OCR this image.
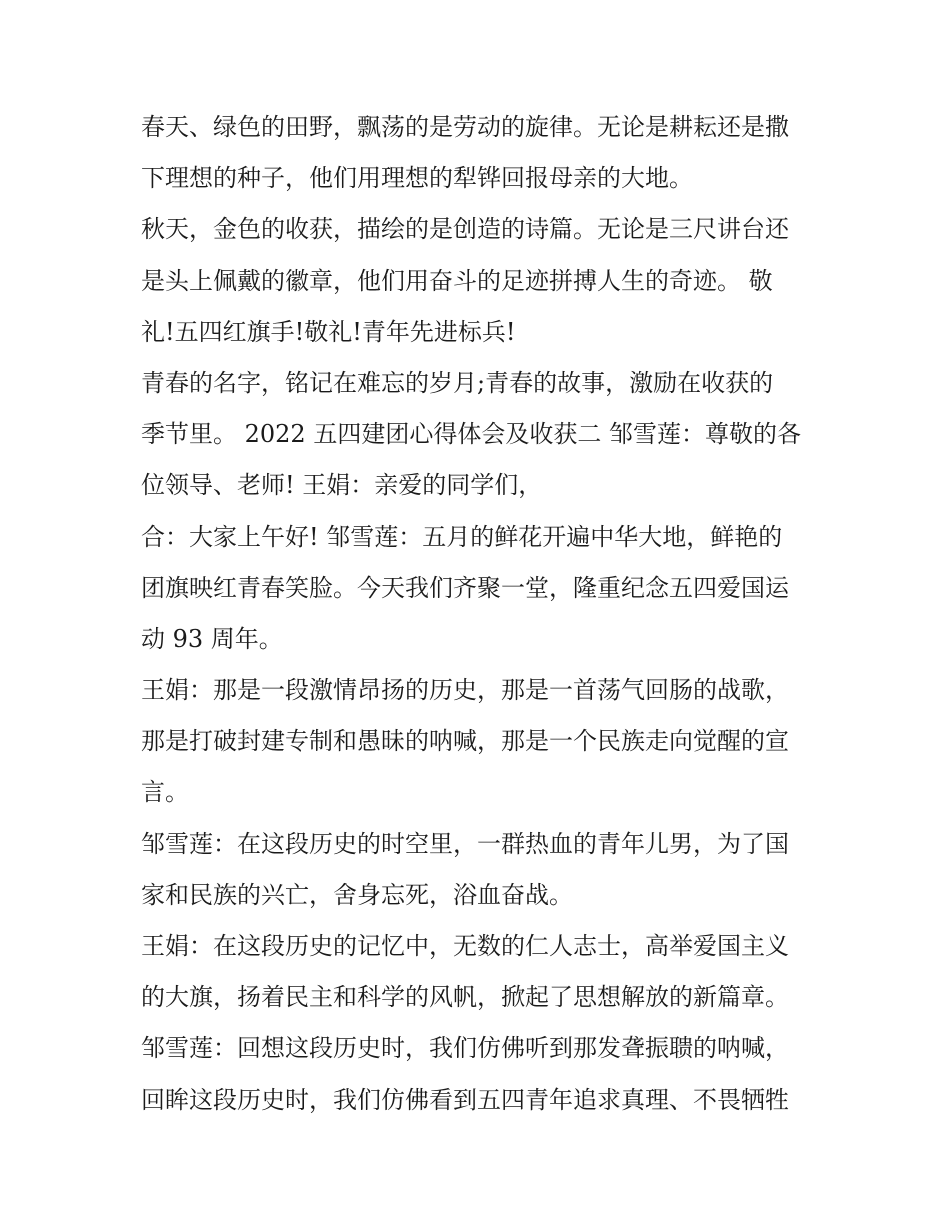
春天、绿色的田野，飘荡的是劳动的旋律。无论是耕耘还是撒
下理想的种子，他们用理想的犁铧回报母亲的大地。
秋天，金色的收获，描绘的是创造的诗篇。无论是三尺讲台还
是头上佩戴的徽章，他们用奋斗的足迹拼搏人生的奇迹。 敬
礼!五四红旗手!敬礼!青年先进标兵!
青春的名字，铭记在难忘的岁月;青春的故事，激励在收获的
季节里。 2022 五四建团心得体会及收获二 邹雪莲：尊敬的各
位领导、老师! 王娟：亲爱的同学们，
合：大家上午好! 邹雪莲：五月的鲜花开遍中华大地，鲜艳的
团旗映红青春笑脸。今天我们齐聚一堂，隆重纪念五四爱国运
动 93 周年。
王娟：那是一段激情昂扬的历史，那是一首荡气回肠的战歌，
那是打破封建专制和愚昧的呐喊，那是一个民族走向觉醒的宣
言。
邹雪莲：在这段历史的时空里，一群热血的青年儿男，为了国
家和民族的兴亡，舍身忘死，浴血奋战。
王娟：在这段历史的记忆中，无数的仁人志士，高举爱国主义
的大旗，扬着民主和科学的风帆，掀起了思想解放的新篇章。
邹雪莲：回想这段历史时，我们仿佛听到那发聋振聩的呐喊，
回眸这段历史时，我们仿佛看到五四青年追求真理、不畏牺牲
